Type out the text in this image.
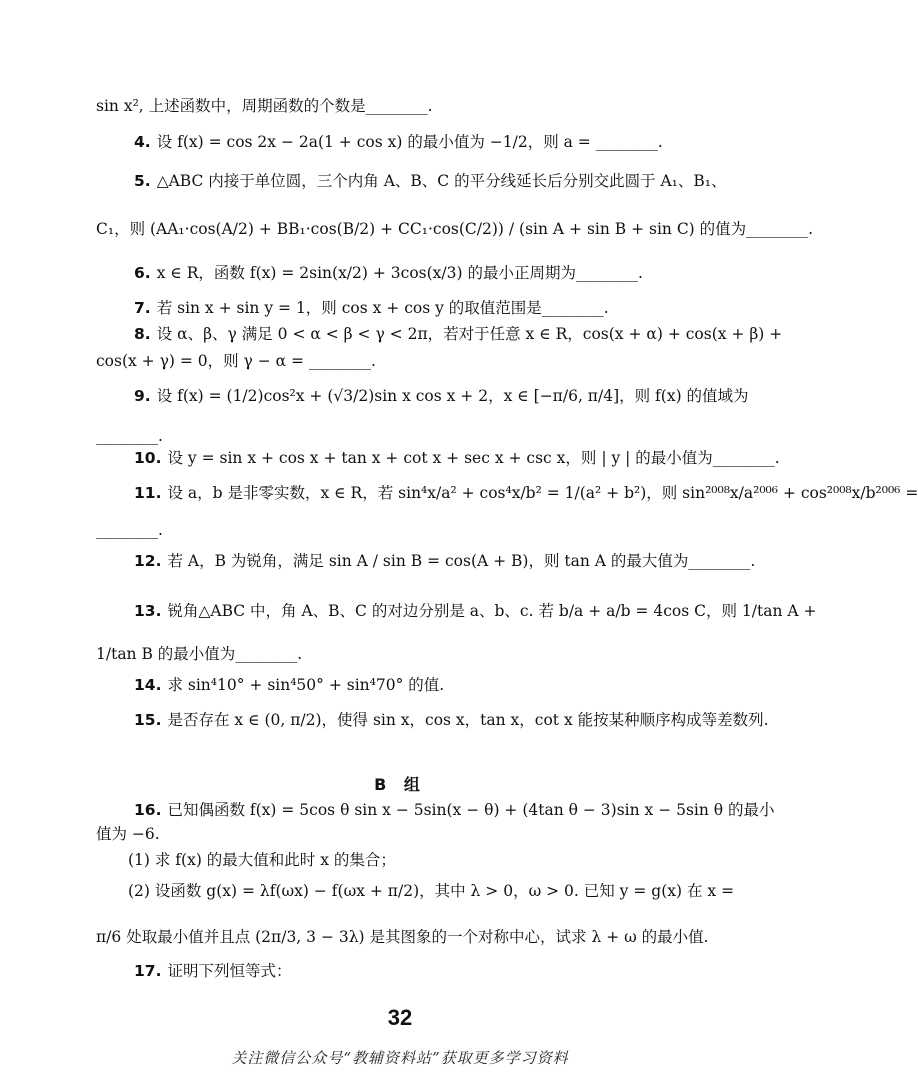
sin x², 上述函数中，周期函数的个数是________.
4. 设 f(x) = cos 2x − 2a(1 + cos x) 的最小值为 −1/2，则 a = ________.
5. △ABC 内接于单位圆，三个内角 A、B、C 的平分线延长后分别交此圆于 A₁、B₁、
C₁，则 (AA₁·cos(A/2) + BB₁·cos(B/2) + CC₁·cos(C/2)) / (sin A + sin B + sin C) 的值为________.
6. x ∈ R，函数 f(x) = 2sin(x/2) + 3cos(x/3) 的最小正周期为________.
7. 若 sin x + sin y = 1，则 cos x + cos y 的取值范围是________.
8. 设 α、β、γ 满足 0 < α < β < γ < 2π，若对于任意 x ∈ R，cos(x + α) + cos(x + β) +
cos(x + γ) = 0，则 γ − α = ________.
9. 设 f(x) = (1/2)cos²x + (√3/2)sin x cos x + 2，x ∈ [−π/6, π/4]，则 f(x) 的值域为
________.
10. 设 y = sin x + cos x + tan x + cot x + sec x + csc x，则 | y | 的最小值为________.
11. 设 a，b 是非零实数，x ∈ R，若 sin⁴x/a² + cos⁴x/b² = 1/(a² + b²)，则 sin²⁰⁰⁸x/a²⁰⁰⁶ + cos²⁰⁰⁸x/b²⁰⁰⁶ =
________.
12. 若 A，B 为锐角，满足 sin A / sin B = cos(A + B)，则 tan A 的最大值为________.
13. 锐角△ABC 中，角 A、B、C 的对边分别是 a、b、c. 若 b/a + a/b = 4cos C，则 1/tan A +
1/tan B 的最小值为________.
14. 求 sin⁴10° + sin⁴50° + sin⁴70° 的值.
15. 是否存在 x ∈ (0, π/2)，使得 sin x，cos x，tan x，cot x 能按某种顺序构成等差数列.
B 组
16. 已知偶函数 f(x) = 5cos θ sin x − 5sin(x − θ) + (4tan θ − 3)sin x − 5sin θ 的最小
值为 −6.
(1) 求 f(x) 的最大值和此时 x 的集合；
(2) 设函数 g(x) = λf(ωx) − f(ωx + π/2)，其中 λ > 0，ω > 0. 已知 y = g(x) 在 x =
π/6 处取最小值并且点 (2π/3, 3 − 3λ) 是其图象的一个对称中心，试求 λ + ω 的最小值.
17. 证明下列恒等式：
32
关注微信公众号“教辅资料站”获取更多学习资料
